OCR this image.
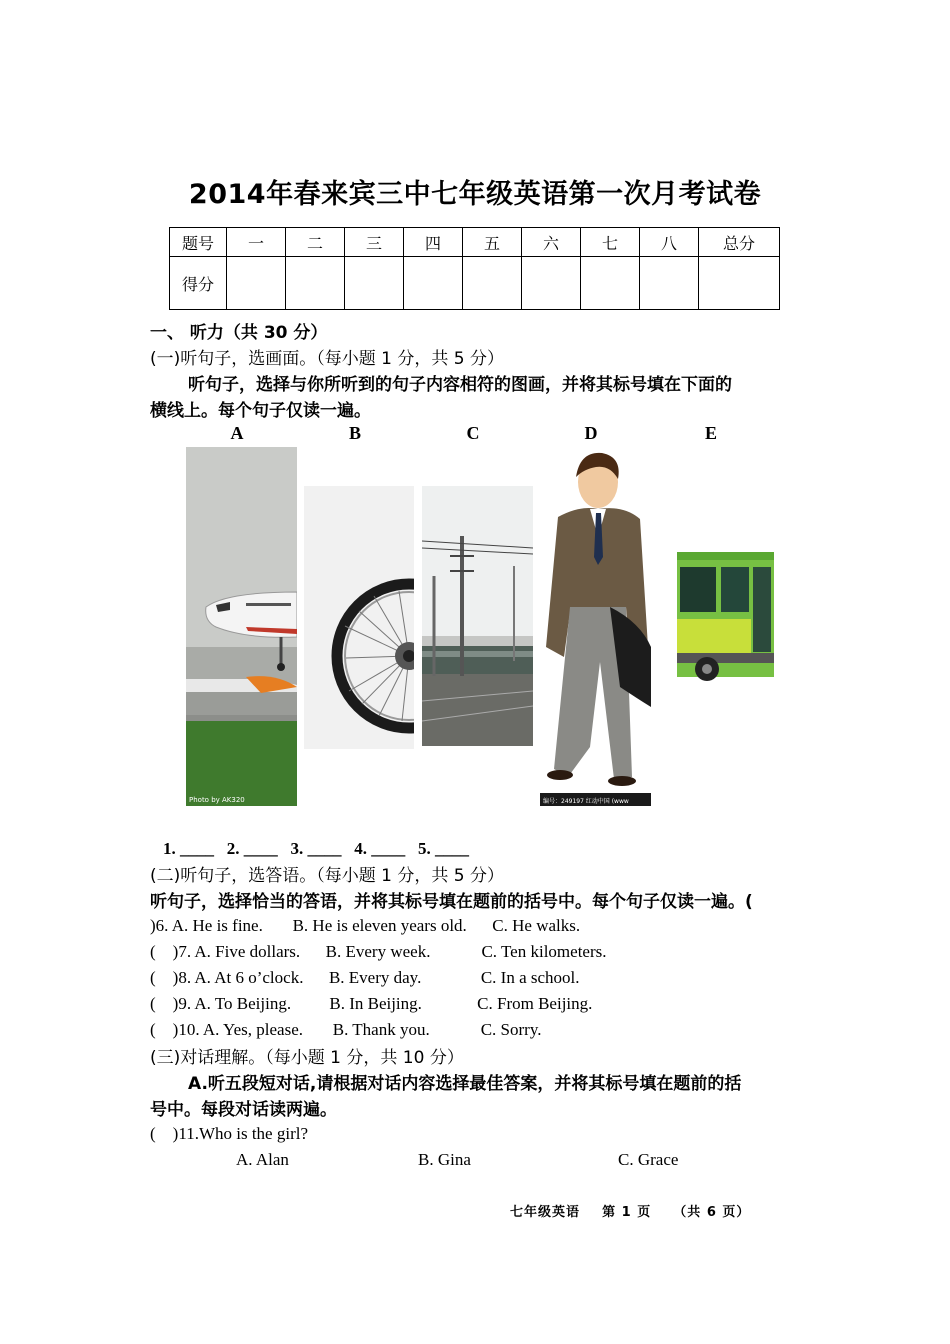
2014年春来宾三中七年级英语第一次月考试卷
题号	一	二	三	四	五	六	七	八	总分
得分									
一、 听力（共 30 分）
(一)听句子，选画面。（每小题 1 分，共 5 分）
听句子，选择与你所听到的句子内容相符的图画，并将其标号填在下面的
横线上。每个句子仅读一遍。
A	B	C	D	E
Photo by AK320	编号：249197 红动中国 (www
1. ____   2. ____   3. ____   4. ____   5. ____
(二)听句子，选答语。（每小题 1 分，共 5 分）
听句子，选择恰当的答语，并将其标号填在题前的括号中。每个句子仅读一遍。(
)6. A. He is fine.       B. He is eleven years old.      C. He walks.
(    )7. A. Five dollars.      B. Every week.            C. Ten kilometers.
(    )8. A. At 6 o’clock.      B. Every day.              C. In a school.
(    )9. A. To Beijing.         B. In Beijing.             C. From Beijing.
(    )10. A. Yes, please.       B. Thank you.            C. Sorry.
(三)对话理解。（每小题 1 分，共 10 分）
A.听五段短对话,请根据对话内容选择最佳答案，并将其标号填在题前的括
号中。每段对话读两遍。
(    )11.Who is the girl?
A. Alan	B. Gina	C. Grace
七年级英语    第 1 页    （共 6 页）
